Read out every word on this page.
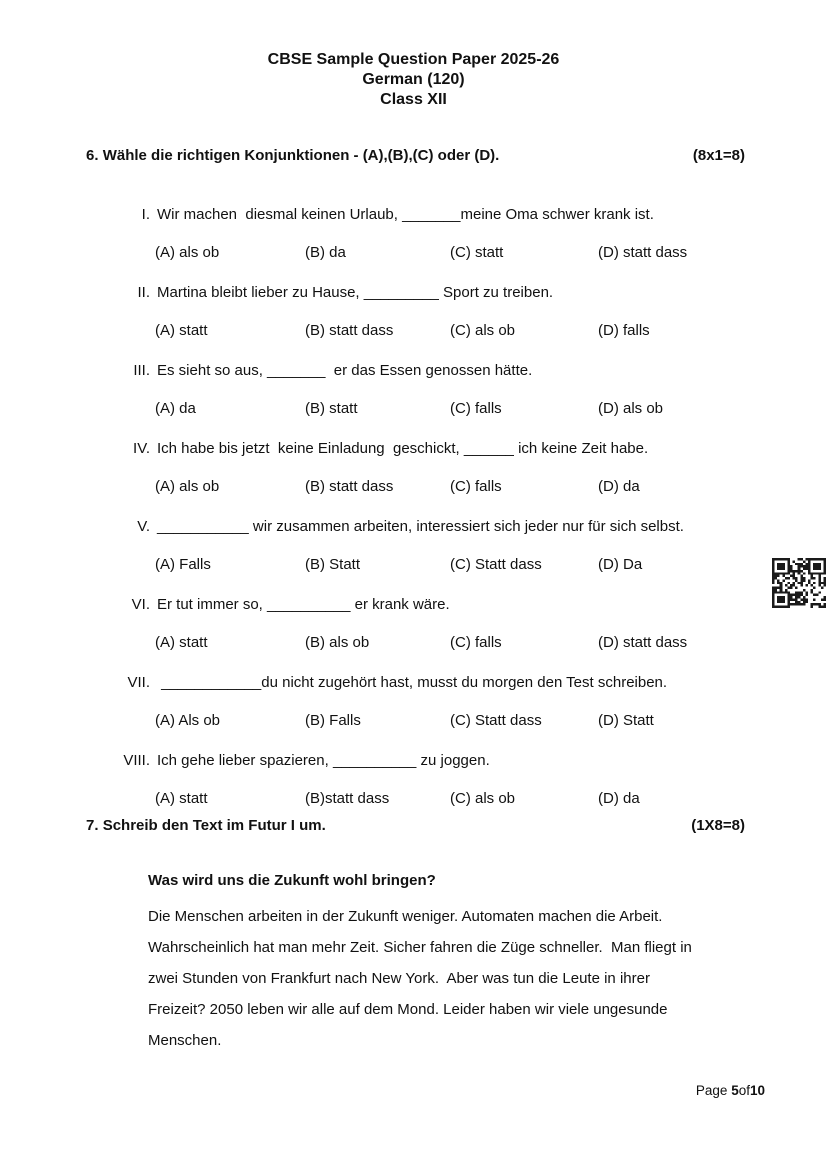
CBSE Sample Question Paper 2025-26
German (120)
Class XII
6. Wähle die richtigen Konjunktionen - (A),(B),(C) oder (D).	(8x1=8)
I. Wir machen  diesmal keinen Urlaub, _______meine Oma schwer krank ist.
(A) als ob	(B) da	(C) statt	(D) statt dass
II. Martina bleibt lieber zu Hause, _________ Sport zu treiben.
(A) statt	(B) statt dass	(C) als ob	(D) falls
III. Es sieht so aus, _______  er das Essen genossen hätte.
(A) da	(B) statt	(C) falls	(D) als ob
IV. Ich habe bis jetzt  keine Einladung  geschickt, ______ ich keine Zeit habe.
(A) als ob	(B) statt dass	(C) falls	(D) da
V. ___________ wir zusammen arbeiten, interessiert sich jeder nur für sich selbst.
(A) Falls	(B) Statt	(C) Statt dass	(D) Da
VI. Er tut immer so, __________ er krank wäre.
(A) statt	(B) als ob	(C) falls	(D) statt dass
VII. ____________du nicht zugehört hast, musst du morgen den Test schreiben.
(A) Als ob	(B) Falls	(C) Statt dass	(D) Statt
VIII. Ich gehe lieber spazieren, __________ zu joggen.
(A) statt	(B)statt dass	(C) als ob	(D) da
7. Schreib den Text im Futur I um.	(1X8=8)
Was wird uns die Zukunft wohl bringen?
Die Menschen arbeiten in der Zukunft weniger. Automaten machen die Arbeit.
Wahrscheinlich hat man mehr Zeit. Sicher fahren die Züge schneller.  Man fliegt in
zwei Stunden von Frankfurt nach New York.  Aber was tun die Leute in ihrer
Freizeit? 2050 leben wir alle auf dem Mond. Leider haben wir viele ungesunde
Menschen.
Page 5of10
